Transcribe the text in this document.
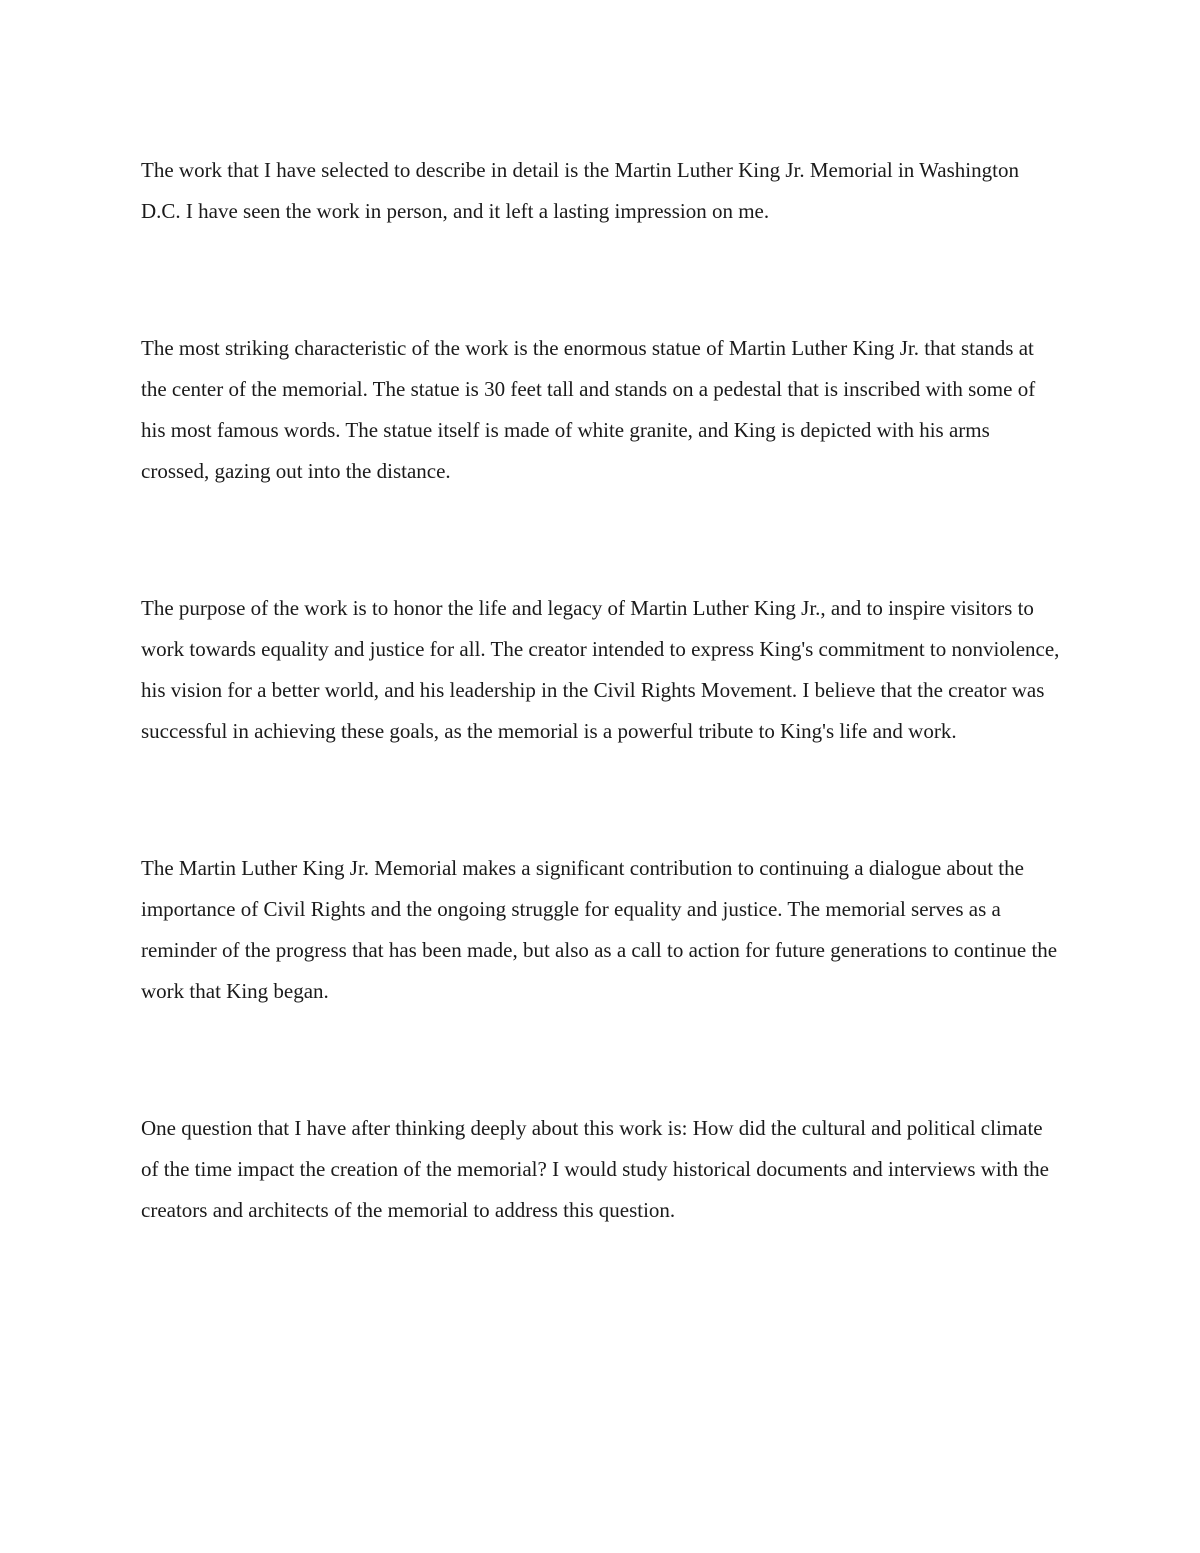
The work that I have selected to describe in detail is the Martin Luther King Jr. Memorial in Washington D.C. I have seen the work in person, and it left a lasting impression on me.

The most striking characteristic of the work is the enormous statue of Martin Luther King Jr. that stands at the center of the memorial. The statue is 30 feet tall and stands on a pedestal that is inscribed with some of his most famous words. The statue itself is made of white granite, and King is depicted with his arms crossed, gazing out into the distance.

The purpose of the work is to honor the life and legacy of Martin Luther King Jr., and to inspire visitors to work towards equality and justice for all. The creator intended to express King's commitment to nonviolence, his vision for a better world, and his leadership in the Civil Rights Movement. I believe that the creator was successful in achieving these goals, as the memorial is a powerful tribute to King's life and work.

The Martin Luther King Jr. Memorial makes a significant contribution to continuing a dialogue about the importance of Civil Rights and the ongoing struggle for equality and justice. The memorial serves as a reminder of the progress that has been made, but also as a call to action for future generations to continue the work that King began.

One question that I have after thinking deeply about this work is: How did the cultural and political climate of the time impact the creation of the memorial? I would study historical documents and interviews with the creators and architects of the memorial to address this question.
